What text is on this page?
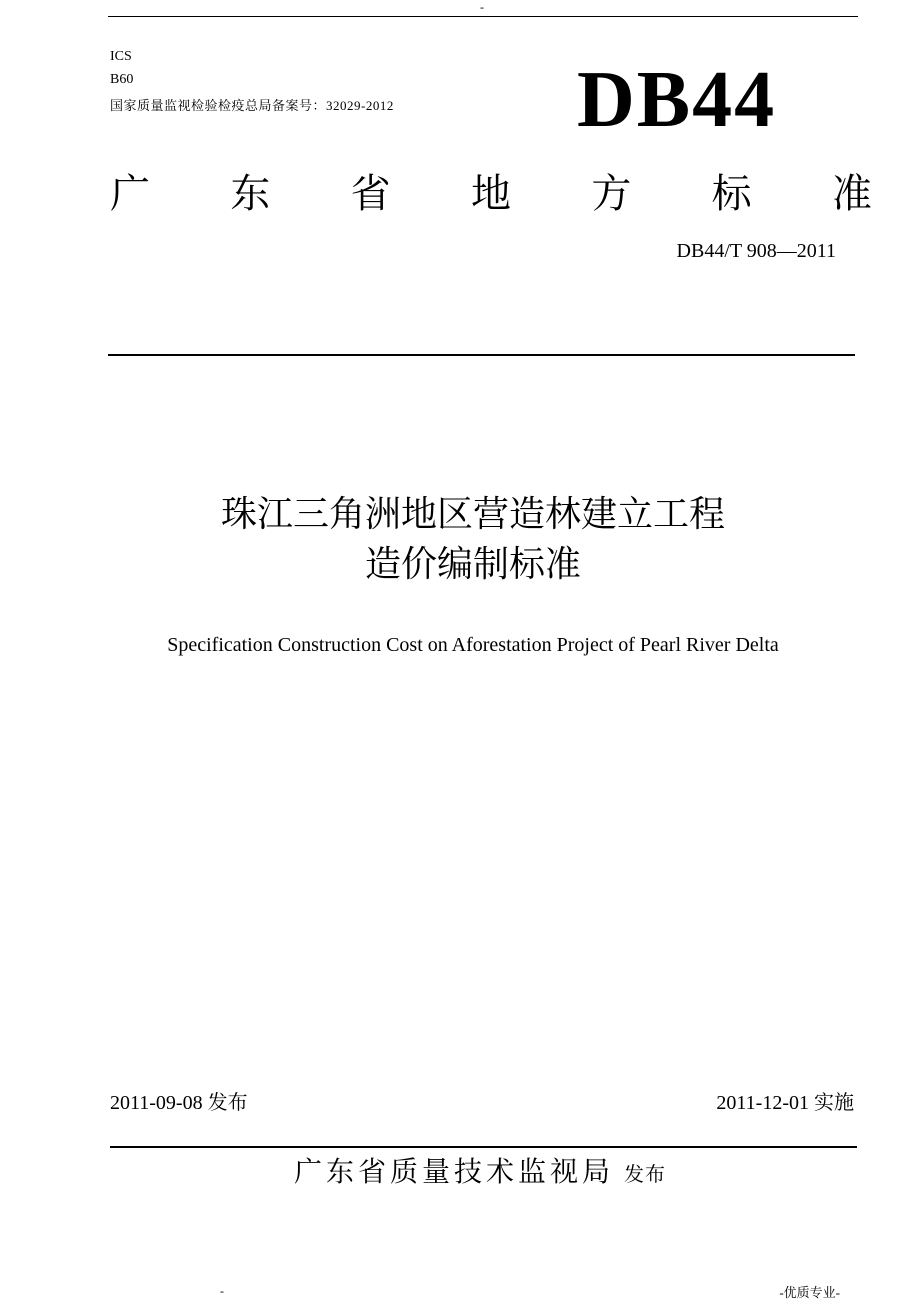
-
ICS
B60
国家质量监视检验检疫总局备案号：32029-2012 DB44
广 东 省 地 方 标 准
DB44/T 908—2011
珠江三角洲地区营造林建立工程
造价编制标准
Specification Construction Cost on Aforestation Project of Pearl River Delta
2011-09-08 发布	2011-12-01 实施
广东省质量技术监视局 发布
-	-优质专业-
